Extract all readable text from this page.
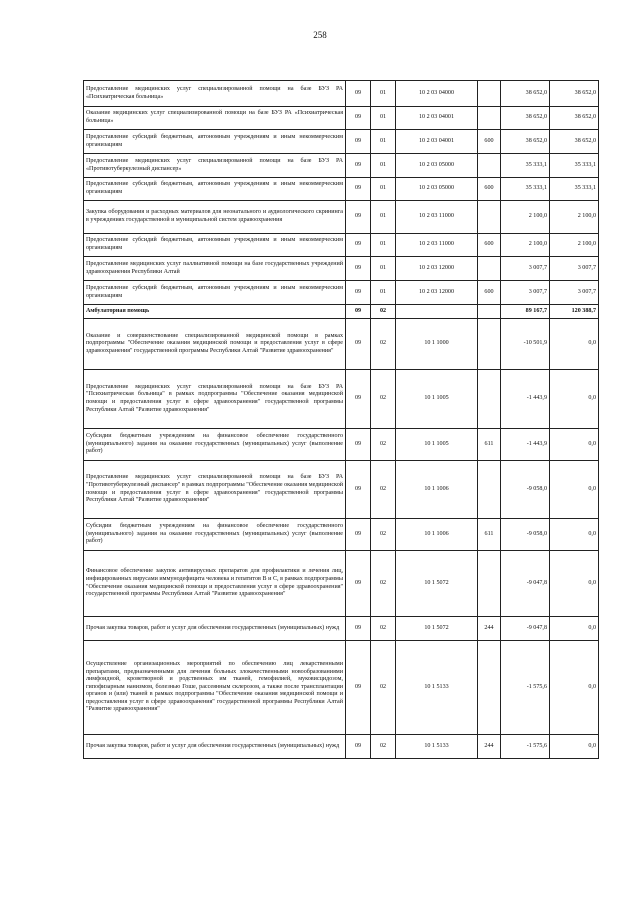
258
Предоставление медицинских услуг специализированной помощи на базе БУЗ РА «Психиатрическая больница»	09	01	10 2 03 04000		38 652,0	38 652,0
Оказание медицинских услуг специализированной помощи на базе БУЗ РА «Психиатрическая больница»	09	01	10 2 03 04001		38 652,0	38 652,0
Предоставление субсидий бюджетным, автономным учреждениям и иным некоммерческим организациям	09	01	10 2 03 04001	600	38 652,0	38 652,0
Предоставление медицинских услуг специализированной помощи на базе БУЗ РА «Противотуберкулезный диспансер»	09	01	10 2 03 05000		35 333,1	35 333,1
Предоставление субсидий бюджетным, автономным учреждениям и иным некоммерческим организациям	09	01	10 2 03 05000	600	35 333,1	35 333,1
Закупка оборудования и расходных материалов для неонатального и аудиологического скрининга в учреждениях государственной и муниципальной систем здравоохранения	09	01	10 2 03 11000		2 100,0	2 100,0
Предоставление субсидий бюджетным, автономным учреждениям и иным некоммерческим организациям	09	01	10 2 03 11000	600	2 100,0	2 100,0
Предоставление медицинских услуг паллиативной помощи на базе государственных учреждений здравоохранения Республики Алтай	09	01	10 2 03 12000		3 007,7	3 007,7
Предоставление субсидий бюджетным, автономным учреждениям и иным некоммерческим организациям	09	01	10 2 03 12000	600	3 007,7	3 007,7
Амбулаторная помощь	09	02			89 167,7	120 388,7
Оказание и совершенствование специализированной медицинской помощи в рамках подпрограммы "Обеспечение оказания медицинской помощи и предоставления услуг в сфере здравоохранения" государственной программы Республики Алтай "Развитие здравоохранения"	09	02	10 1 1000		-10 501,9	0,0
Предоставление медицинских услуг специализированной помощи на базе БУЗ РА "Психиатрическая больница" в рамках подпрограммы "Обеспечение оказания медицинской помощи и предоставления услуг в сфере здравоохранения" государственной программы Республики Алтай "Развитие здравоохранения"	09	02	10 1 1005		-1 443,9	0,0
Субсидии бюджетным учреждениям на финансовое обеспечение государственного (муниципального) задания на оказание государственных (муниципальных) услуг (выполнение работ)	09	02	10 1 1005	611	-1 443,9	0,0
Предоставление медицинских услуг специализированной помощи на базе БУЗ РА "Противотуберкулезный диспансер" в рамках подпрограммы "Обеспечение оказания медицинской помощи и предоставления услуг в сфере здравоохранения" государственной программы Республики Алтай "Развитие здравоохранения"	09	02	10 1 1006		-9 058,0	0,0
Субсидии бюджетным учреждениям на финансовое обеспечение государственного (муниципального) задания на оказание государственных (муниципальных) услуг (выполнение работ)	09	02	10 1 1006	611	-9 058,0	0,0
Финансовое обеспечение закупок антивирусных препаратов для профилактики и лечения лиц, инфицированных вирусами иммунодефицита человека и гепатитов B и C, в рамках подпрограммы "Обеспечение оказания медицинской помощи и предоставления услуг в сфере здравоохранения" государственной программы Республики Алтай "Развитие здравоохранения"	09	02	10 1 5072		-9 047,8	0,0
Прочая закупка товаров, работ и услуг для обеспечения государственных (муниципальных) нужд	09	02	10 1 5072	244	-9 047,8	0,0
Осуществление организационных мероприятий по обеспечению лиц лекарственными препаратами, предназначенными для лечения больных злокачественными новообразованиями лимфоидной, кроветворной и родственных им тканей, гемофилией, муковисцидозом, гипофизарным нанизмом, болезнью Гоше, рассеянным склерозом, а также после трансплантации органов и (или) тканей в рамках подпрограммы "Обеспечение оказания медицинской помощи и предоставления услуг в сфере здравоохранения" государственной программы Республики Алтай "Развитие здравоохранения"	09	02	10 1 5133		-1 575,6	0,0
Прочая закупка товаров, работ и услуг для обеспечения государственных (муниципальных) нужд	09	02	10 1 5133	244	-1 575,6	0,0
